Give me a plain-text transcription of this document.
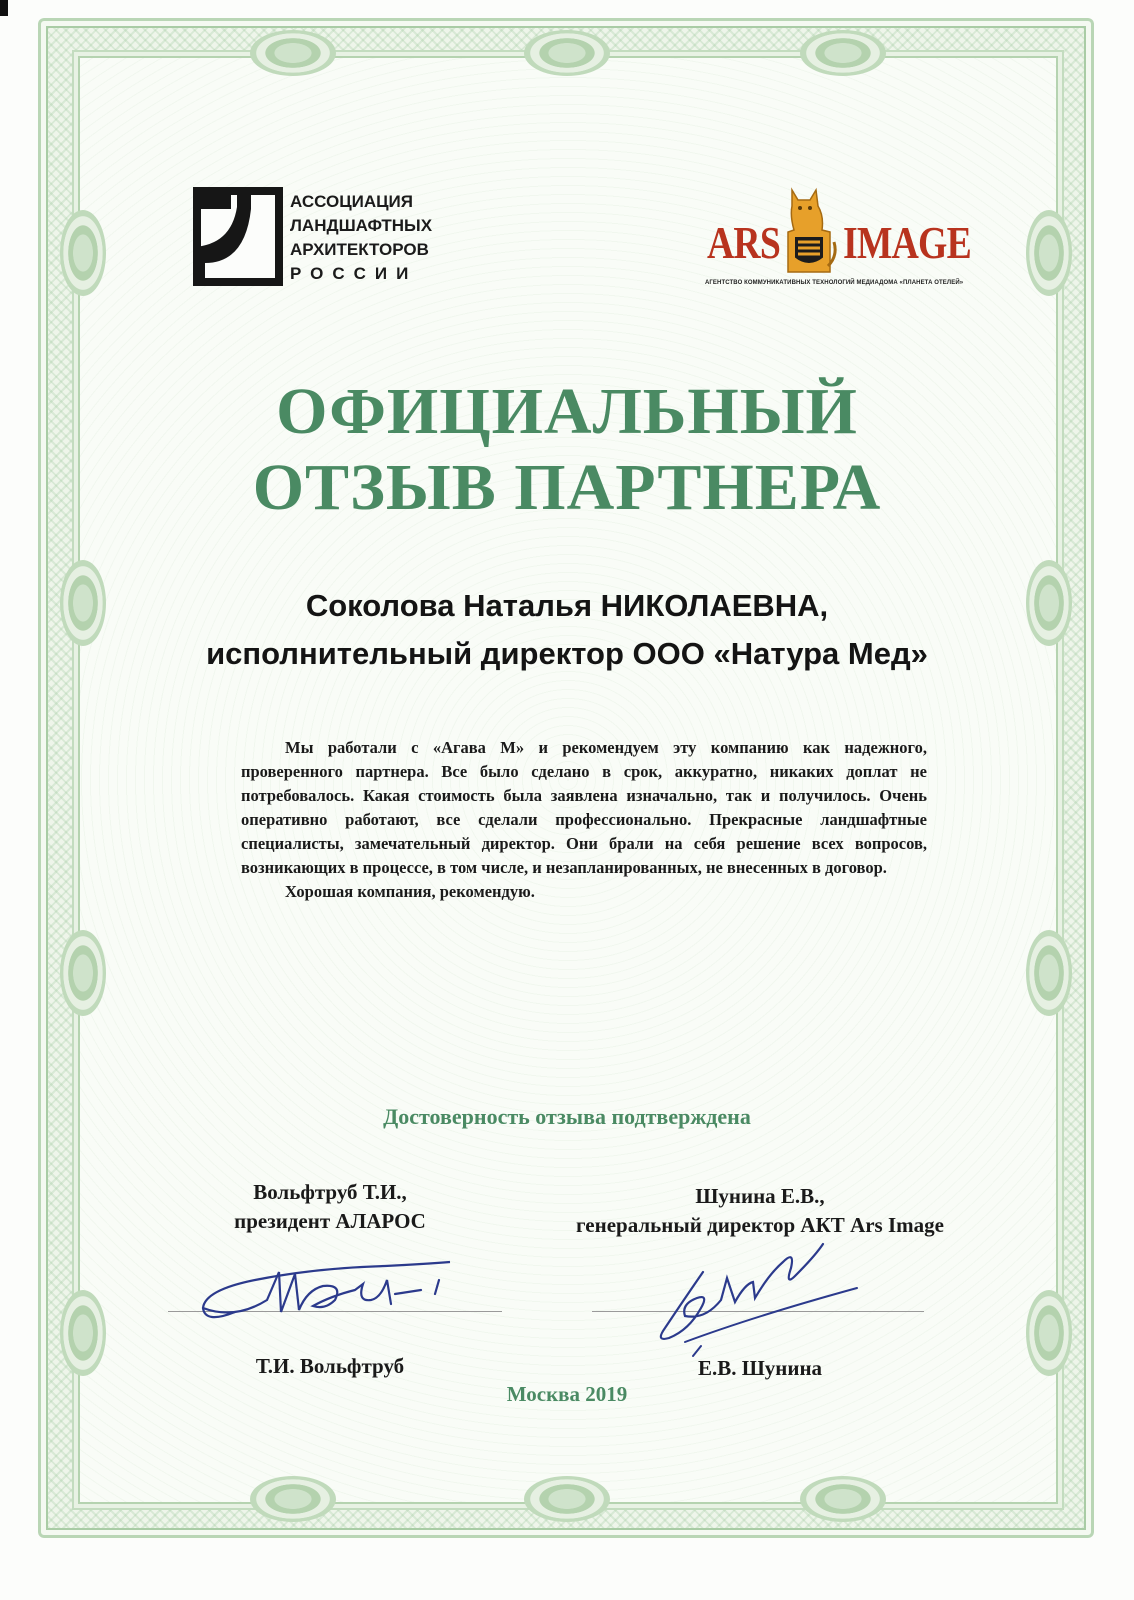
АССОЦИАЦИЯ
ЛАНДШАФТНЫХ
АРХИТЕКТОРОВ
РОССИИ
ARS IMAGE
АГЕНТСТВО КОММУНИКАТИВНЫХ ТЕХНОЛОГИЙ МЕДИАДОМА «ПЛАНЕТА ОТЕЛЕЙ»
ОФИЦИАЛЬНЫЙ
ОТЗЫВ ПАРТНЕРА
Соколова Наталья НИКОЛАЕВНА,
исполнительный директор ООО «Натура Мед»

Мы работали с «Агава М» и рекомендуем эту компанию как надежного, проверенного партнера. Все было сделано в срок, аккуратно, никаких доплат не потребовалось. Какая стоимость была заявлена изначально, так и получилось. Очень оперативно работают, все сделали профессионально. Прекрасные ландшафтные специалисты, замечательный директор. Они брали на себя решение всех вопросов, возникающих в процессе, в том числе, и незапланированных, не внесенных в договор.

Хорошая компания, рекомендую.

Достоверность отзыва подтверждена
Вольфтруб Т.И.,
президент АЛАРОС
Шунина Е.В.,
генеральный директор АКТ Ars Image
Т.И. Вольфтруб	Е.В. Шунина
Москва 2019
